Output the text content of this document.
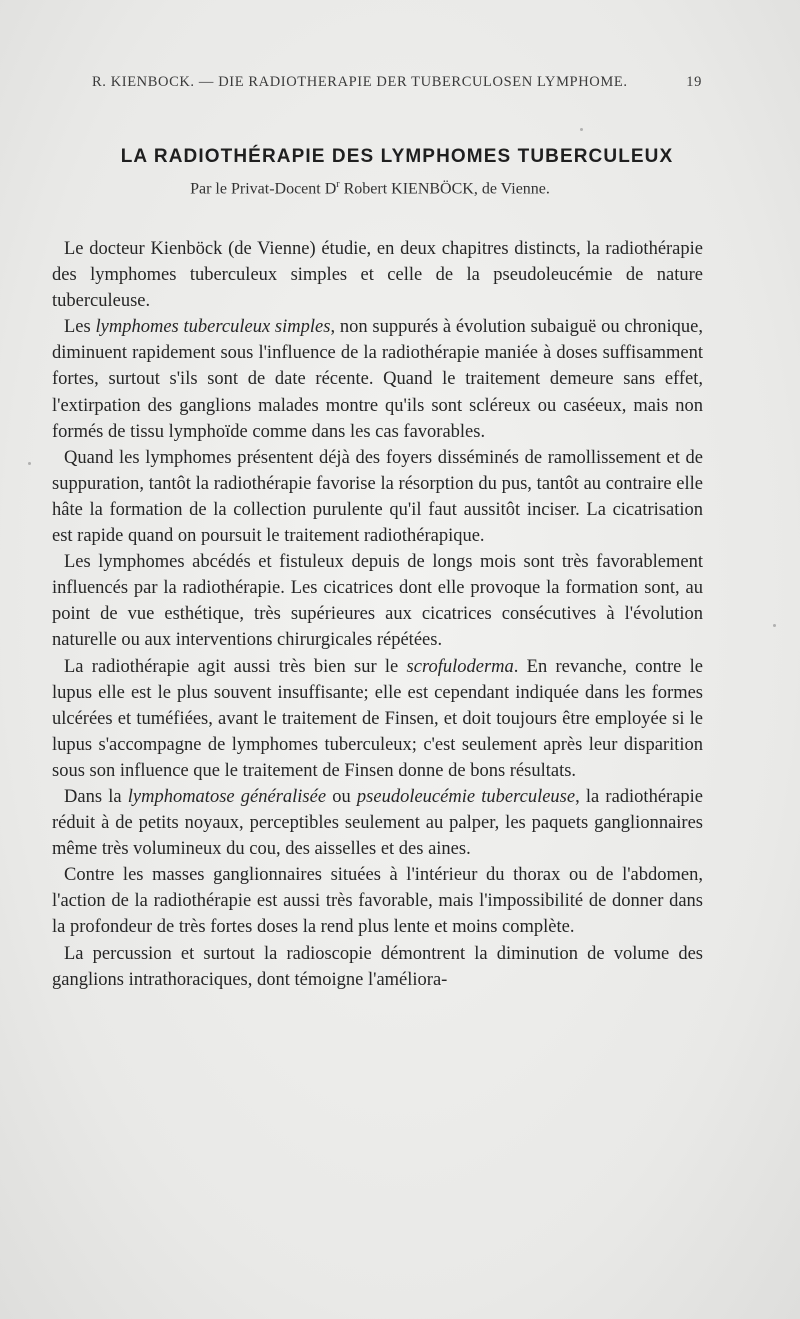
R. KIENBOCK. — DIE RADIOTHERAPIE DER TUBERCULOSEN LYMPHOME.	19
LA RADIOTHÉRAPIE DES LYMPHOMES TUBERCULEUX
Par le Privat-Docent $D^r$ Robert KIENBÖCK, de Vienne.

Le docteur Kienböck (de Vienne) étudie, en deux chapitres distincts, la radiothérapie des lymphomes tuberculeux simples et celle de la pseudoleucémie de nature tuberculeuse.

Les lymphomes tuberculeux simples, non suppurés à évolution subaiguë ou chronique, diminuent rapidement sous l'influence de la radiothérapie maniée à doses suffisamment fortes, surtout s'ils sont de date récente. Quand le traitement demeure sans effet, l'extirpation des ganglions malades montre qu'ils sont scléreux ou caséeux, mais non formés de tissu lymphoïde comme dans les cas favorables.

Quand les lymphomes présentent déjà des foyers disséminés de ramollissement et de suppuration, tantôt la radiothérapie favorise la résorption du pus, tantôt au contraire elle hâte la formation de la collection purulente qu'il faut aussitôt inciser. La cicatrisation est rapide quand on poursuit le traitement radiothérapique.

Les lymphomes abcédés et fistuleux depuis de longs mois sont très favorablement influencés par la radiothérapie. Les cicatrices dont elle provoque la formation sont, au point de vue esthétique, très supérieures aux cicatrices consécutives à l'évolution naturelle ou aux interventions chirurgicales répétées.

La radiothérapie agit aussi très bien sur le scrofuloderma. En revanche, contre le lupus elle est le plus souvent insuffisante; elle est cependant indiquée dans les formes ulcérées et tuméfiées, avant le traitement de Finsen, et doit toujours être employée si le lupus s'accompagne de lymphomes tuberculeux; c'est seulement après leur disparition sous son influence que le traitement de Finsen donne de bons résultats.

Dans la lymphomatose généralisée ou pseudoleucémie tuberculeuse, la radiothérapie réduit à de petits noyaux, perceptibles seulement au palper, les paquets ganglionnaires même très volumineux du cou, des aisselles et des aines.

Contre les masses ganglionnaires situées à l'intérieur du thorax ou de l'abdomen, l'action de la radiothérapie est aussi très favorable, mais l'impossibilité de donner dans la profondeur de très fortes doses la rend plus lente et moins complète.

La percussion et surtout la radioscopie démontrent la diminution de volume des ganglions intrathoraciques, dont témoigne l'améliora-
